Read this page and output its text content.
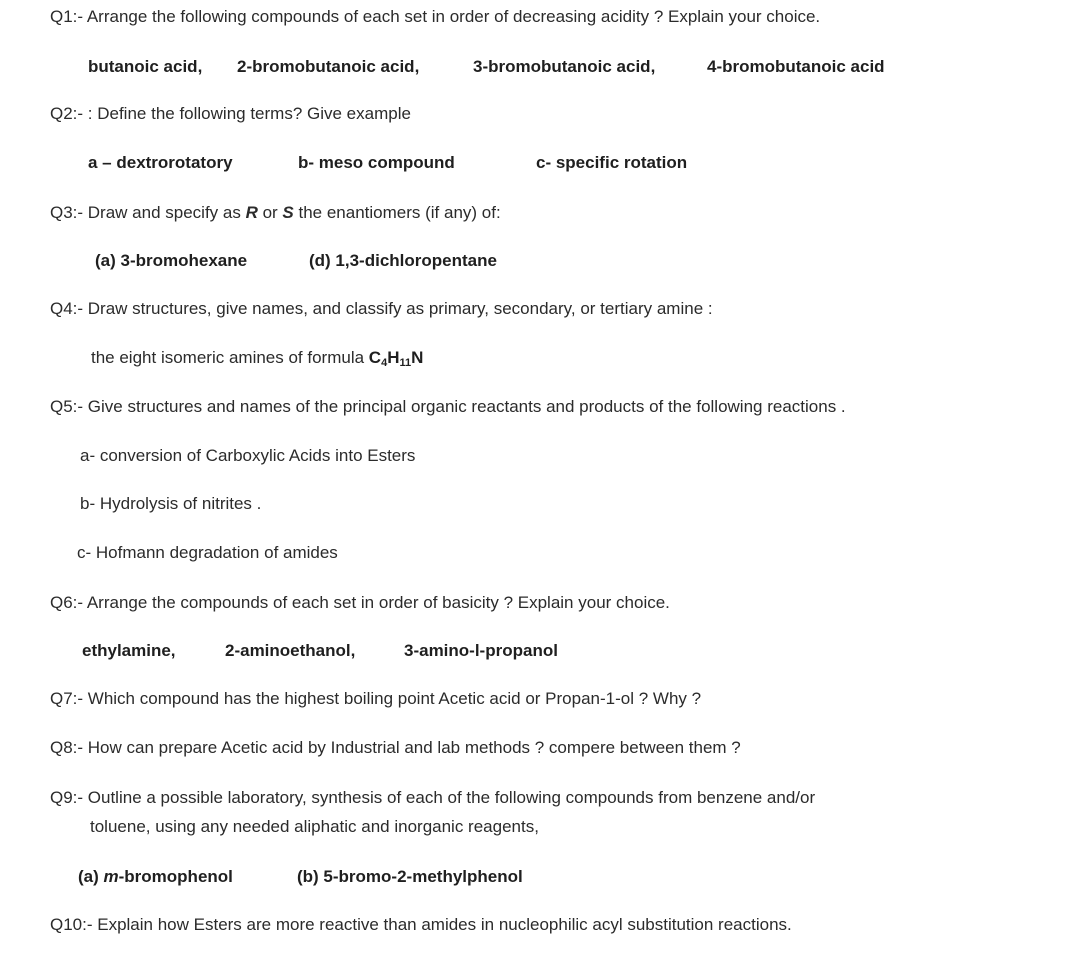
Q1:- Arrange the following compounds of each set in order of decreasing acidity ? Explain your choice.
butanoic acid, 2-bromobutanoic acid,	3-bromobutanoic acid,	4-bromobutanoic acid
Q2:- : Define the following terms? Give example
a – dextrorotatory	b- meso compound	c- specific rotation
Q3:- Draw and specify as R or S the enantiomers (if any) of:
(a) 3-bromohexane	(d) 1,3-dichloropentane
Q4:- Draw structures, give names, and classify as primary, secondary, or tertiary amine :
the eight isomeric amines of formula $C_4H_{11}N$
Q5:- Give structures and names of the principal organic reactants and products of the following reactions .
a- conversion of Carboxylic Acids into Esters
b- Hydrolysis of nitrites .
c- Hofmann degradation of amides
Q6:- Arrange the compounds of each set in order of basicity ? Explain your choice.
ethylamine,	2-aminoethanol,	3-amino-l-propanol
Q7:- Which compound has the highest boiling point Acetic acid or Propan-1-ol ? Why ?
Q8:- How can prepare Acetic acid by Industrial and lab methods ? compere between them ?
Q9:- Outline a possible laboratory, synthesis of each of the following compounds from benzene and/or
toluene, using any needed aliphatic and inorganic reagents,
(a) m-bromophenol	(b) 5-bromo-2-methylphenol
Q10:- Explain how Esters are more reactive than amides in nucleophilic acyl substitution reactions.
